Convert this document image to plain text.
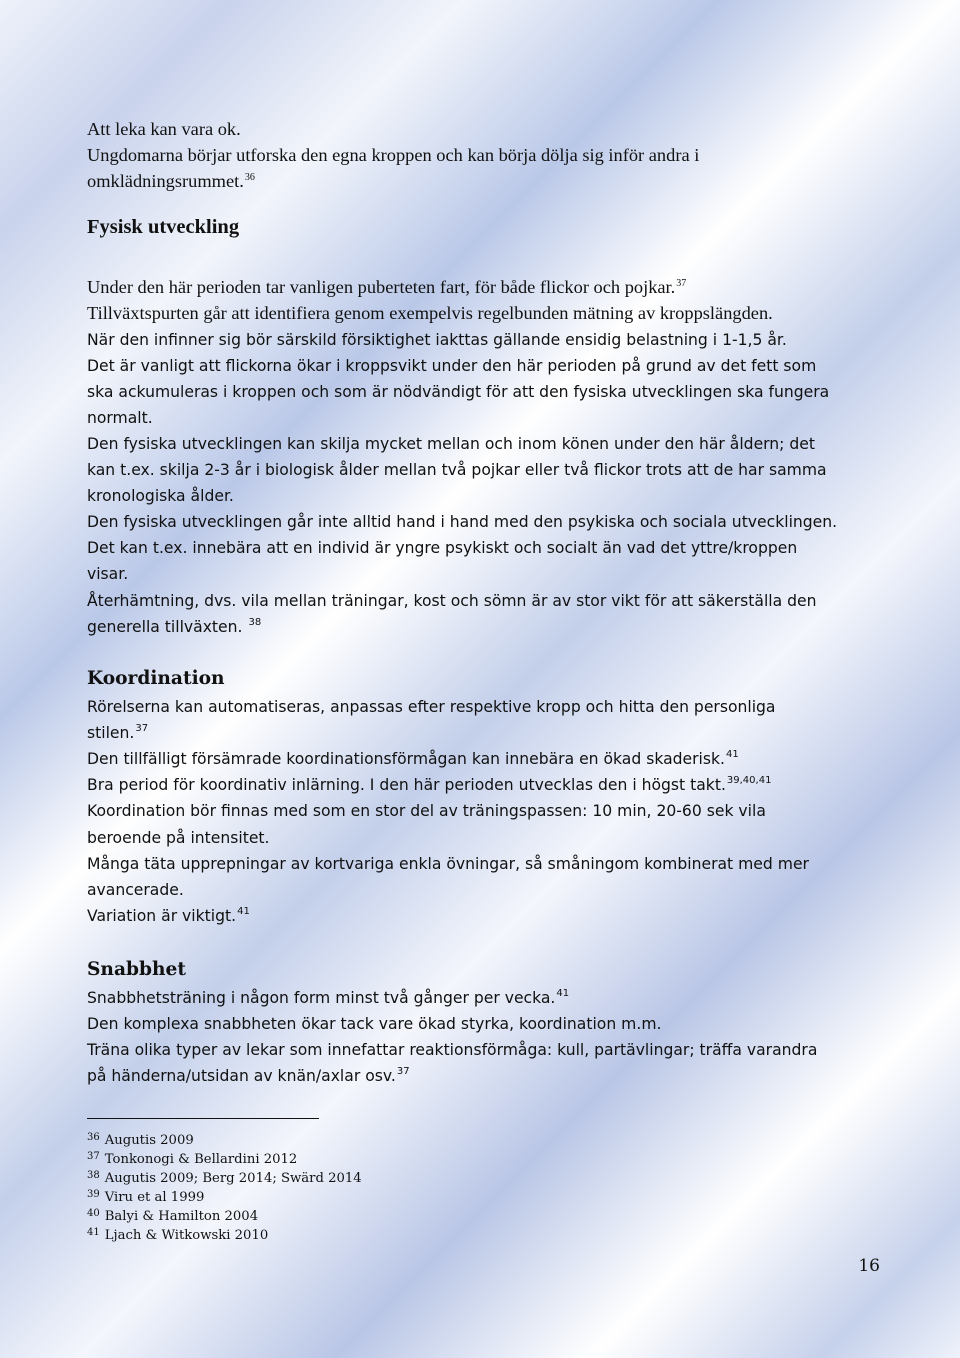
Att leka kan vara ok.
Ungdomarna börjar utforska den egna kroppen och kan börja dölja sig inför andra i
omklädningsrummet.$^{36}$
Fysisk utveckling
Under den här perioden tar vanligen puberteten fart, för både flickor och pojkar.$^{37}$
Tillväxtspurten går att identifiera genom exempelvis regelbunden mätning av kroppslängden.
När den infinner sig bör särskild försiktighet iakttas gällande ensidig belastning i 1-1,5 år.
Det är vanligt att flickorna ökar i kroppsvikt under den här perioden på grund av det fett som
ska ackumuleras i kroppen och som är nödvändigt för att den fysiska utvecklingen ska fungera
normalt.
Den fysiska utvecklingen kan skilja mycket mellan och inom könen under den här åldern; det
kan t.ex. skilja 2-3 år i biologisk ålder mellan två pojkar eller två flickor trots att de har samma
kronologiska ålder.
Den fysiska utvecklingen går inte alltid hand i hand med den psykiska och sociala utvecklingen.
Det kan t.ex. innebära att en individ är yngre psykiskt och socialt än vad det yttre/kroppen
visar.
Återhämtning, dvs. vila mellan träningar, kost och sömn är av stor vikt för att säkerställa den
generella tillväxten. $^{38}$
Koordination
Rörelserna kan automatiseras, anpassas efter respektive kropp och hitta den personliga
stilen.$^{37}$
Den tillfälligt försämrade koordinationsförmågan kan innebära en ökad skaderisk.$^{41}$
Bra period för koordinativ inlärning. I den här perioden utvecklas den i högst takt.$^{39,40,41}$
Koordination bör finnas med som en stor del av träningspassen: 10 min, 20-60 sek vila
beroende på intensitet.
Många täta upprepningar av kortvariga enkla övningar, så småningom kombinerat med mer
avancerade.
Variation är viktigt.$^{41}$
Snabbhet
Snabbhetsträning i någon form minst två gånger per vecka.$^{41}$
Den komplexa snabbheten ökar tack vare ökad styrka, koordination m.m.
Träna olika typer av lekar som innefattar reaktionsförmåga: kull, partävlingar; träffa varandra
på händerna/utsidan av knän/axlar osv.$^{37}$
$^{36}$ Augutis 2009
$^{37}$ Tonkonogi & Bellardini 2012
$^{38}$ Augutis 2009; Berg 2014; Swärd 2014
$^{39}$ Viru et al 1999
$^{40}$ Balyi & Hamilton 2004
$^{41}$ Ljach & Witkowski 2010
16
